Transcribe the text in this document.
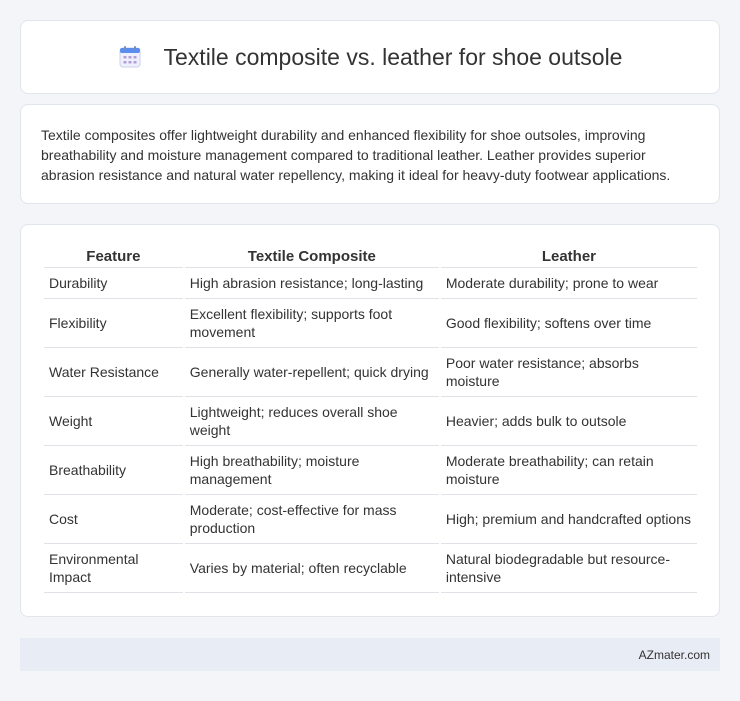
Textile composite vs. leather for shoe outsole

Textile composites offer lightweight durability and enhanced flexibility for shoe outsoles, improving breathability and moisture management compared to traditional leather. Leather provides superior abrasion resistance and natural water repellency, making it ideal for heavy-duty footwear applications.

Feature	Textile Composite	Leather
Durability	High abrasion resistance; long-lasting	Moderate durability; prone to wear
Flexibility	Excellent flexibility; supports foot movement	Good flexibility; softens over time
Water Resistance	Generally water-repellent; quick drying	Poor water resistance; absorbs moisture
Weight	Lightweight; reduces overall shoe weight	Heavier; adds bulk to outsole
Breathability	High breathability; moisture management	Moderate breathability; can retain moisture
Cost	Moderate; cost-effective for mass production	High; premium and handcrafted options
Environmental Impact	Varies by material; often recyclable	Natural biodegradable but resource-intensive
AZmater.com
